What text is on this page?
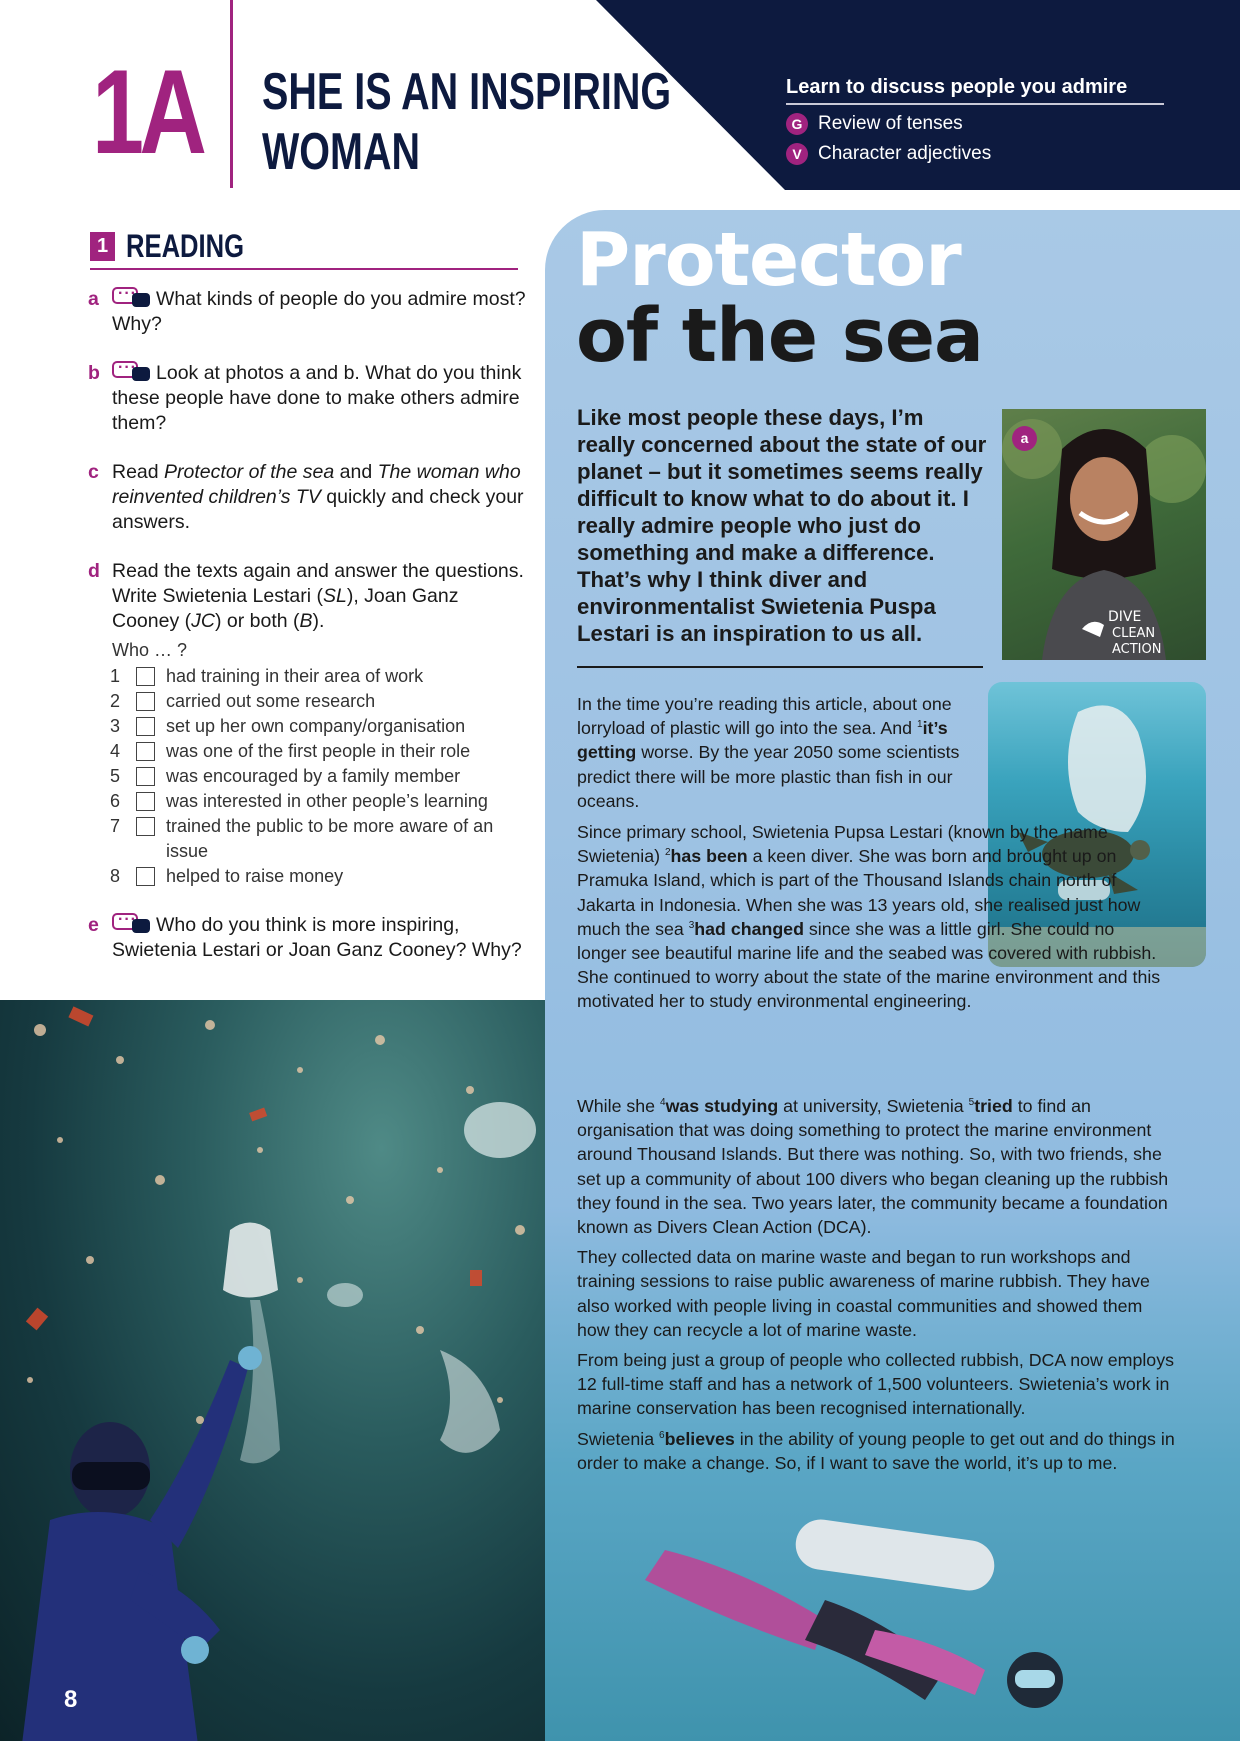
1A SHE IS AN INSPIRING
WOMAN
Learn to discuss people you admire
G Review of tenses
V Character adjectives
1 READING
a ···	What kinds of people do you admire most? Why?
b ···	Look at photos a and b. What do you think these people have done to make others admire them?
c Read Protector of the sea and The woman who reinvented children’s TV quickly and check your answers.
d Read the texts again and answer the questions. Write Swietenia Lestari (SL), Joan Ganz Cooney (JC) or both (B).
Who … ?
1	had training in their area of work
2	carried out some research
3	set up her own company/organisation
4	was one of the first people in their role
5	was encouraged by a family member
6	was interested in other people’s learning
7	trained the public to be more aware of an issue
8	helped to raise money
e ···	Who do you think is more inspiring, Swietenia Lestari or Joan Ganz Cooney? Why?
8
Protector
of the sea
Like most people these days, I’m really concerned about the state of our planet – but it sometimes seems really difficult to know what to do about it. I really admire people who just do something and make a difference. That’s why I think diver and environmentalist Swietenia Puspa Lestari is an inspiration to us all.
DIVE
CLEAN
ACTION
a

In the time you’re reading this article, about one lorryload of plastic will go into the sea. And $^1$it’s getting worse. By the year 2050 some scientists predict there will be more plastic than fish in our oceans.

Since primary school, Swietenia Pupsa Lestari (known by the name Swietenia) $^2$has been a keen diver. She was born and brought up on Pramuka Island, which is part of the Thousand Islands chain north of Jakarta in Indonesia. When she was 13 years old, she realised just how much the sea $^3$had changed since she was a little girl. She could no longer see beautiful marine life and the seabed was covered with rubbish. She continued to worry about the state of the marine environment and this motivated her to study environmental engineering.

While she $^4$was studying at university, Swietenia $^5$tried to find an organisation that was doing something to protect the marine environment around Thousand Islands. But there was nothing. So, with two friends, she set up a community of about 100 divers who began cleaning up the rubbish they found in the sea. Two years later, the community became a foundation known as Divers Clean Action (DCA).

They collected data on marine waste and began to run workshops and training sessions to raise public awareness of marine rubbish. They have also worked with people living in coastal communities and showed them how they can recycle a lot of marine waste.

From being just a group of people who collected rubbish, DCA now employs 12 full-time staff and has a network of 1,500 volunteers. Swietenia’s work in marine conservation has been recognised internationally.

Swietenia $^6$believes in the ability of young people to get out and do things in order to make a change. So, if I want to save the world, it’s up to me.
